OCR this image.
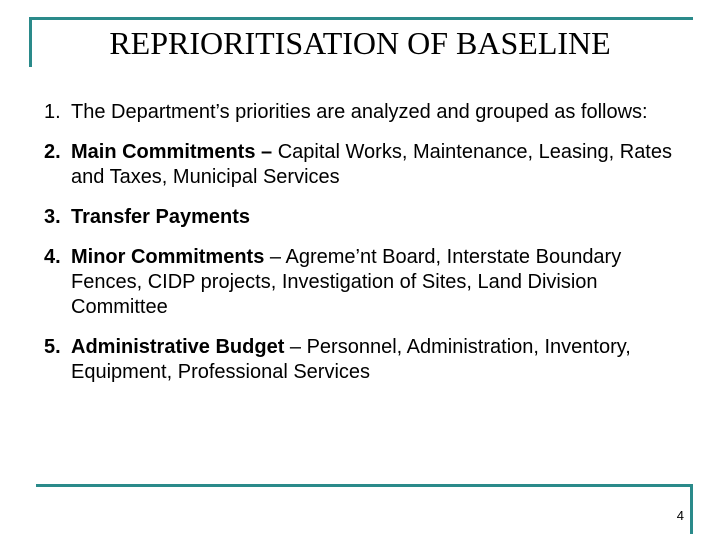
REPRIORITISATION OF BASELINE
1. The Department’s priorities are analyzed and grouped as follows:
2. Main Commitments – Capital Works, Maintenance, Leasing, Rates and Taxes, Municipal Services
3. Transfer Payments
4. Minor Commitments – Agreme’nt Board, Interstate Boundary Fences, CIDP projects, Investigation of Sites, Land Division Committee
5. Administrative Budget – Personnel, Administration, Inventory, Equipment, Professional Services
4
